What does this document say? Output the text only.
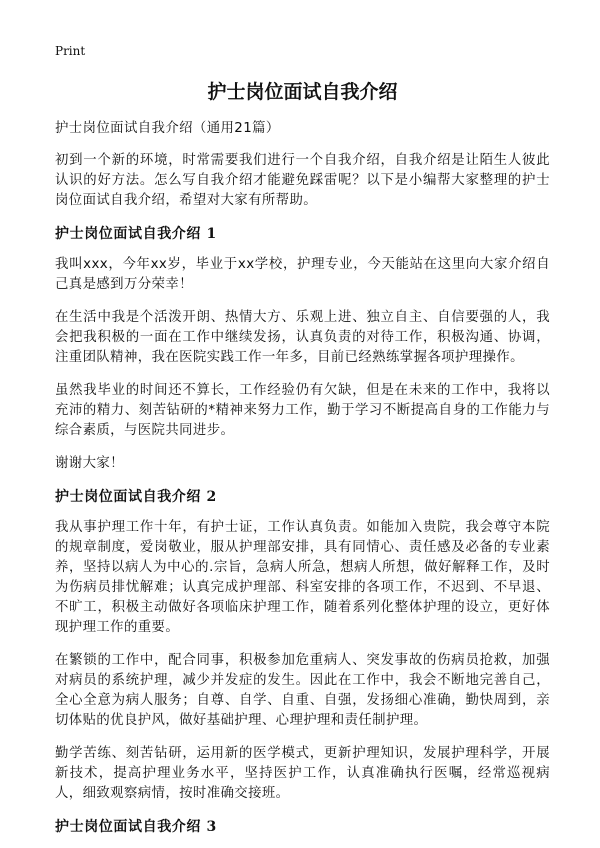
Print
护士岗位面试自我介绍

护士岗位面试自我介绍（通用21篇）

初到一个新的环境，时常需要我们进行一个自我介绍，自我介绍是让陌生人彼此认识的好方法。怎么写自我介绍才能避免踩雷呢？以下是小编帮大家整理的护士岗位面试自我介绍，希望对大家有所帮助。

护士岗位面试自我介绍 1

我叫xxx，今年xx岁，毕业于xx学校，护理专业，今天能站在这里向大家介绍自己真是感到万分荣幸！

在生活中我是个活泼开朗、热情大方、乐观上进、独立自主、自信要强的人，我会把我积极的一面在工作中继续发扬，认真负责的对待工作，积极沟通、协调，注重团队精神，我在医院实践工作一年多，目前已经熟练掌握各项护理操作。

虽然我毕业的时间还不算长，工作经验仍有欠缺，但是在未来的工作中，我将以充沛的精力、刻苦钻研的*精神来努力工作，勤于学习不断提高自身的工作能力与综合素质，与医院共同进步。

谢谢大家！

护士岗位面试自我介绍 2

我从事护理工作十年，有护士证，工作认真负责。如能加入贵院，我会尊守本院的规章制度，爱岗敬业，服从护理部安排，具有同情心、责任感及必备的专业素养，坚持以病人为中心的.宗旨，急病人所急，想病人所想，做好解释工作，及时为伤病员排忧解难；认真完成护理部、科室安排的各项工作，不迟到、不早退、不旷工，积极主动做好各项临床护理工作，随着系列化整体护理的设立，更好体现护理工作的重要。

在繁锁的工作中，配合同事，积极参加危重病人、突发事故的伤病员抢救，加强对病员的系统护理，减少并发症的发生。因此在工作中，我会不断地完善自己，全心全意为病人服务；自尊、自学、自重、自强，发扬细心准确，勤快周到，亲切体贴的优良护风，做好基础护理、心理护理和责任制护理。

勤学苦练、刻苦钻研，运用新的医学模式，更新护理知识，发展护理科学，开展新技术，提高护理业务水平，坚持医护工作，认真准确执行医嘱，经常巡视病人，细致观察病情，按时准确交接班。

护士岗位面试自我介绍 3
